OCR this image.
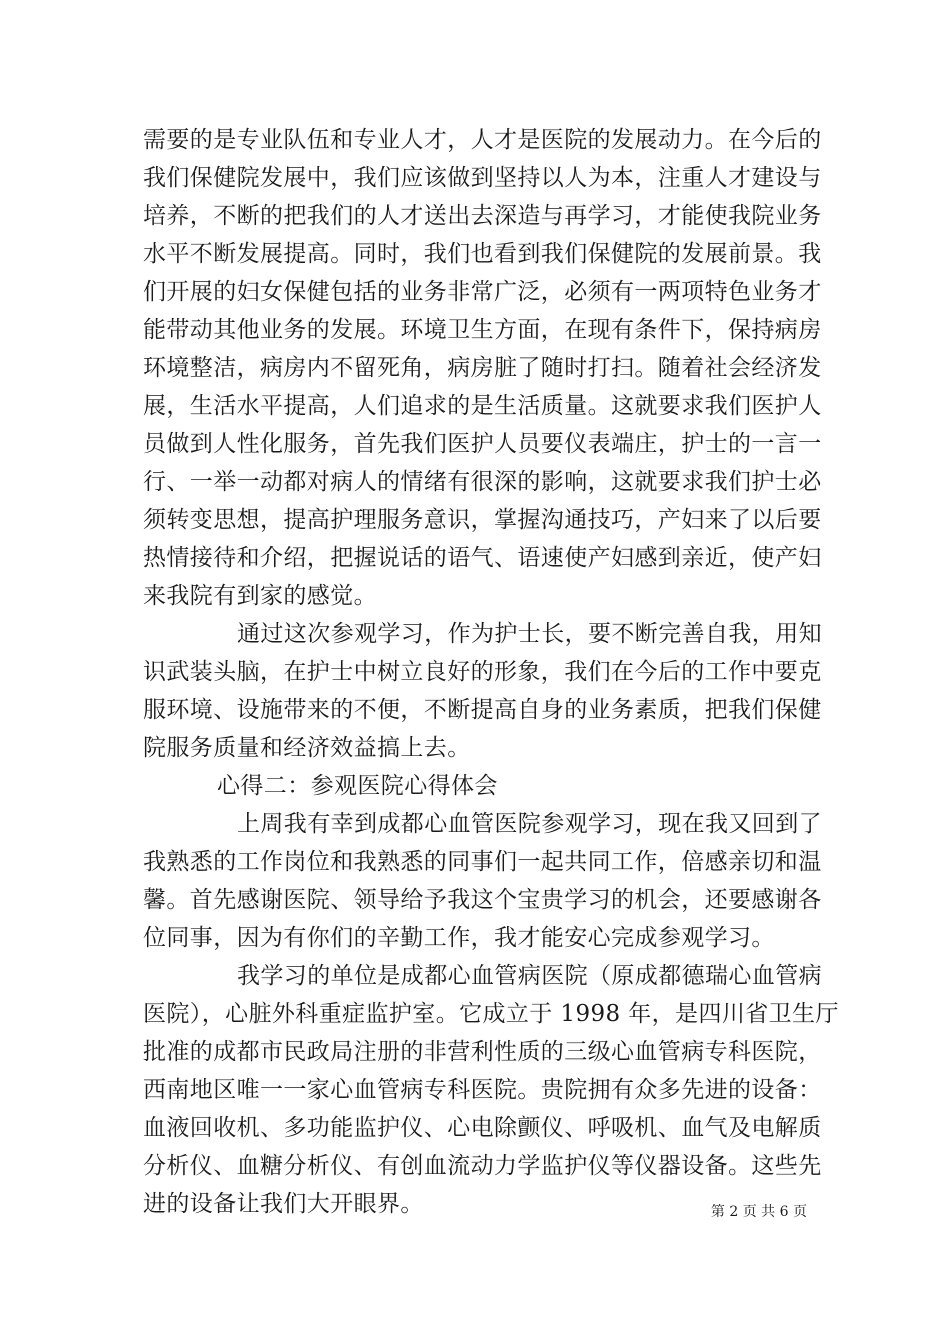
需要的是专业队伍和专业人才，人才是医院的发展动力。在今后的
我们保健院发展中，我们应该做到坚持以人为本，注重人才建设与
培养，不断的把我们的人才送出去深造与再学习，才能使我院业务
水平不断发展提高。同时，我们也看到我们保健院的发展前景。我
们开展的妇女保健包括的业务非常广泛，必须有一两项特色业务才
能带动其他业务的发展。环境卫生方面，在现有条件下，保持病房
环境整洁，病房内不留死角，病房脏了随时打扫。随着社会经济发
展，生活水平提高，人们追求的是生活质量。这就要求我们医护人
员做到人性化服务，首先我们医护人员要仪表端庄，护士的一言一
行、一举一动都对病人的情绪有很深的影响，这就要求我们护士必
须转变思想，提高护理服务意识，掌握沟通技巧，产妇来了以后要
热情接待和介绍，把握说话的语气、语速使产妇感到亲近，使产妇
来我院有到家的感觉。
通过这次参观学习，作为护士长，要不断完善自我，用知
识武装头脑，在护士中树立良好的形象，我们在今后的工作中要克
服环境、设施带来的不便，不断提高自身的业务素质，把我们保健
院服务质量和经济效益搞上去。
心得二：参观医院心得体会
上周我有幸到成都心血管医院参观学习，现在我又回到了
我熟悉的工作岗位和我熟悉的同事们一起共同工作，倍感亲切和温
馨。首先感谢医院、领导给予我这个宝贵学习的机会，还要感谢各
位同事，因为有你们的辛勤工作，我才能安心完成参观学习。
我学习的单位是成都心血管病医院（原成都德瑞心血管病
医院），心脏外科重症监护室。它成立于 1998 年，是四川省卫生厅
批准的成都市民政局注册的非营利性质的三级心血管病专科医院，
西南地区唯一一家心血管病专科医院。贵院拥有众多先进的设备：
血液回收机、多功能监护仪、心电除颤仪、呼吸机、血气及电解质
分析仪、血糖分析仪、有创血流动力学监护仪等仪器设备。这些先
进的设备让我们大开眼界。	第 2 页 共 6 页
